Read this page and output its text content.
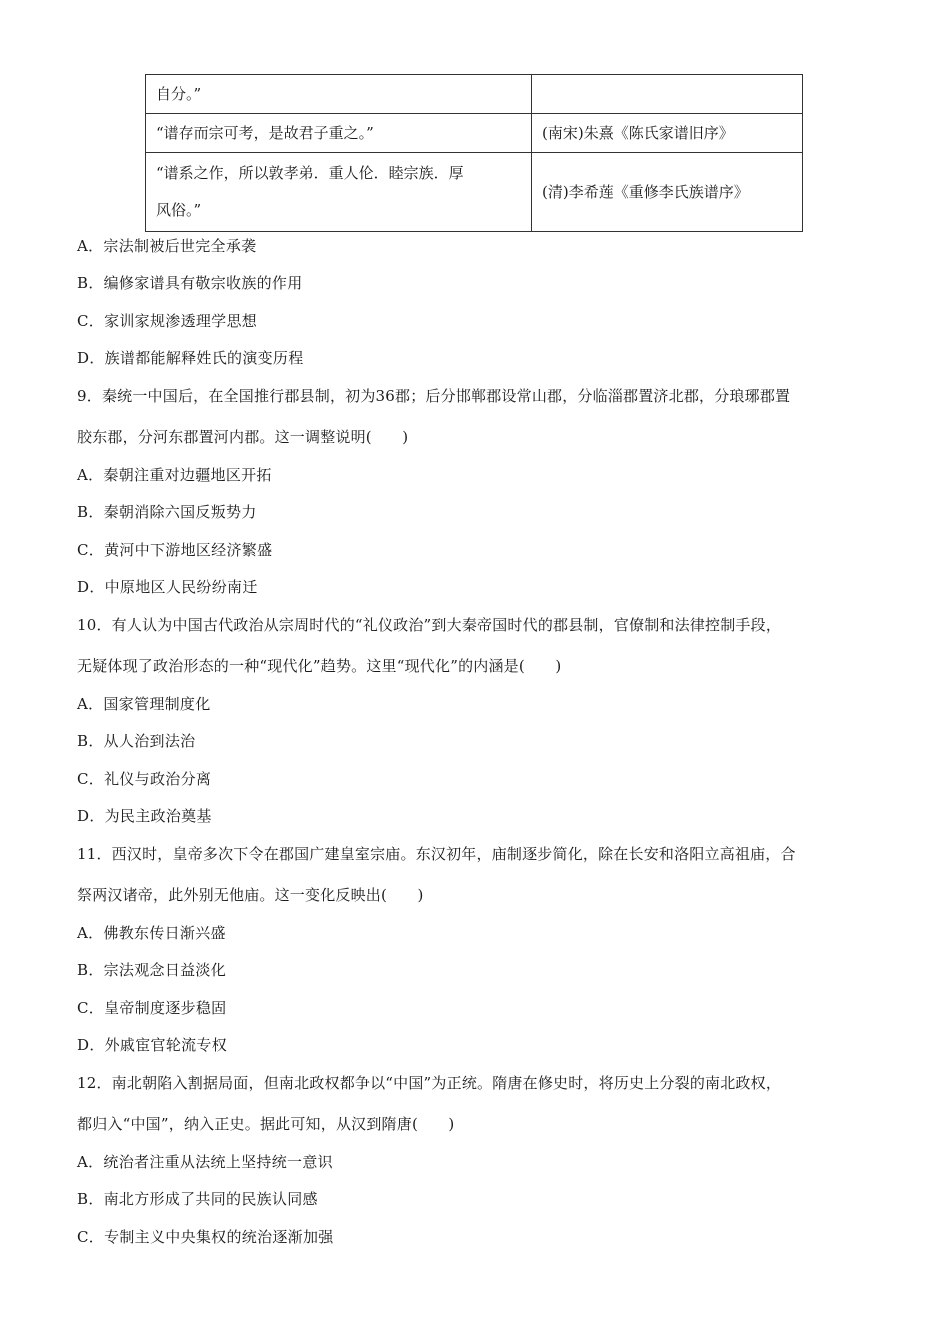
自分。”	
“谱存而宗可考，是故君子重之。”	(南宋)朱熹《陈氏家谱旧序》

“谱系之作，所以敦孝弟．重人伦．睦宗族．厚
风俗。”	(清)李希莲《重修李氏族谱序》
A．宗法制被后世完全承袭
B．编修家谱具有敬宗收族的作用
C．家训家规渗透理学思想
D．族谱都能解释姓氏的演变历程
9．秦统一中国后，在全国推行郡县制，初为36郡；后分邯郸郡设常山郡，分临淄郡置济北郡，分琅琊郡置
胶东郡，分河东郡置河内郡。这一调整说明(　　)
A．秦朝注重对边疆地区开拓
B．秦朝消除六国反叛势力
C．黄河中下游地区经济繁盛
D．中原地区人民纷纷南迁
10．有人认为中国古代政治从宗周时代的“礼仪政治”到大秦帝国时代的郡县制，官僚制和法律控制手段，
无疑体现了政治形态的一种“现代化”趋势。这里“现代化”的内涵是(　　)
A．国家管理制度化
B．从人治到法治
C．礼仪与政治分离
D．为民主政治奠基
11．西汉时，皇帝多次下令在郡国广建皇室宗庙。东汉初年，庙制逐步简化，除在长安和洛阳立高祖庙，合
祭两汉诸帝，此外别无他庙。这一变化反映出(　　)
A．佛教东传日渐兴盛
B．宗法观念日益淡化
C．皇帝制度逐步稳固
D．外戚宦官轮流专权
12．南北朝陷入割据局面，但南北政权都争以“中国”为正统。隋唐在修史时，将历史上分裂的南北政权，
都归入“中国”，纳入正史。据此可知，从汉到隋唐(　　)
A．统治者注重从法统上坚持统一意识
B．南北方形成了共同的民族认同感
C．专制主义中央集权的统治逐渐加强
